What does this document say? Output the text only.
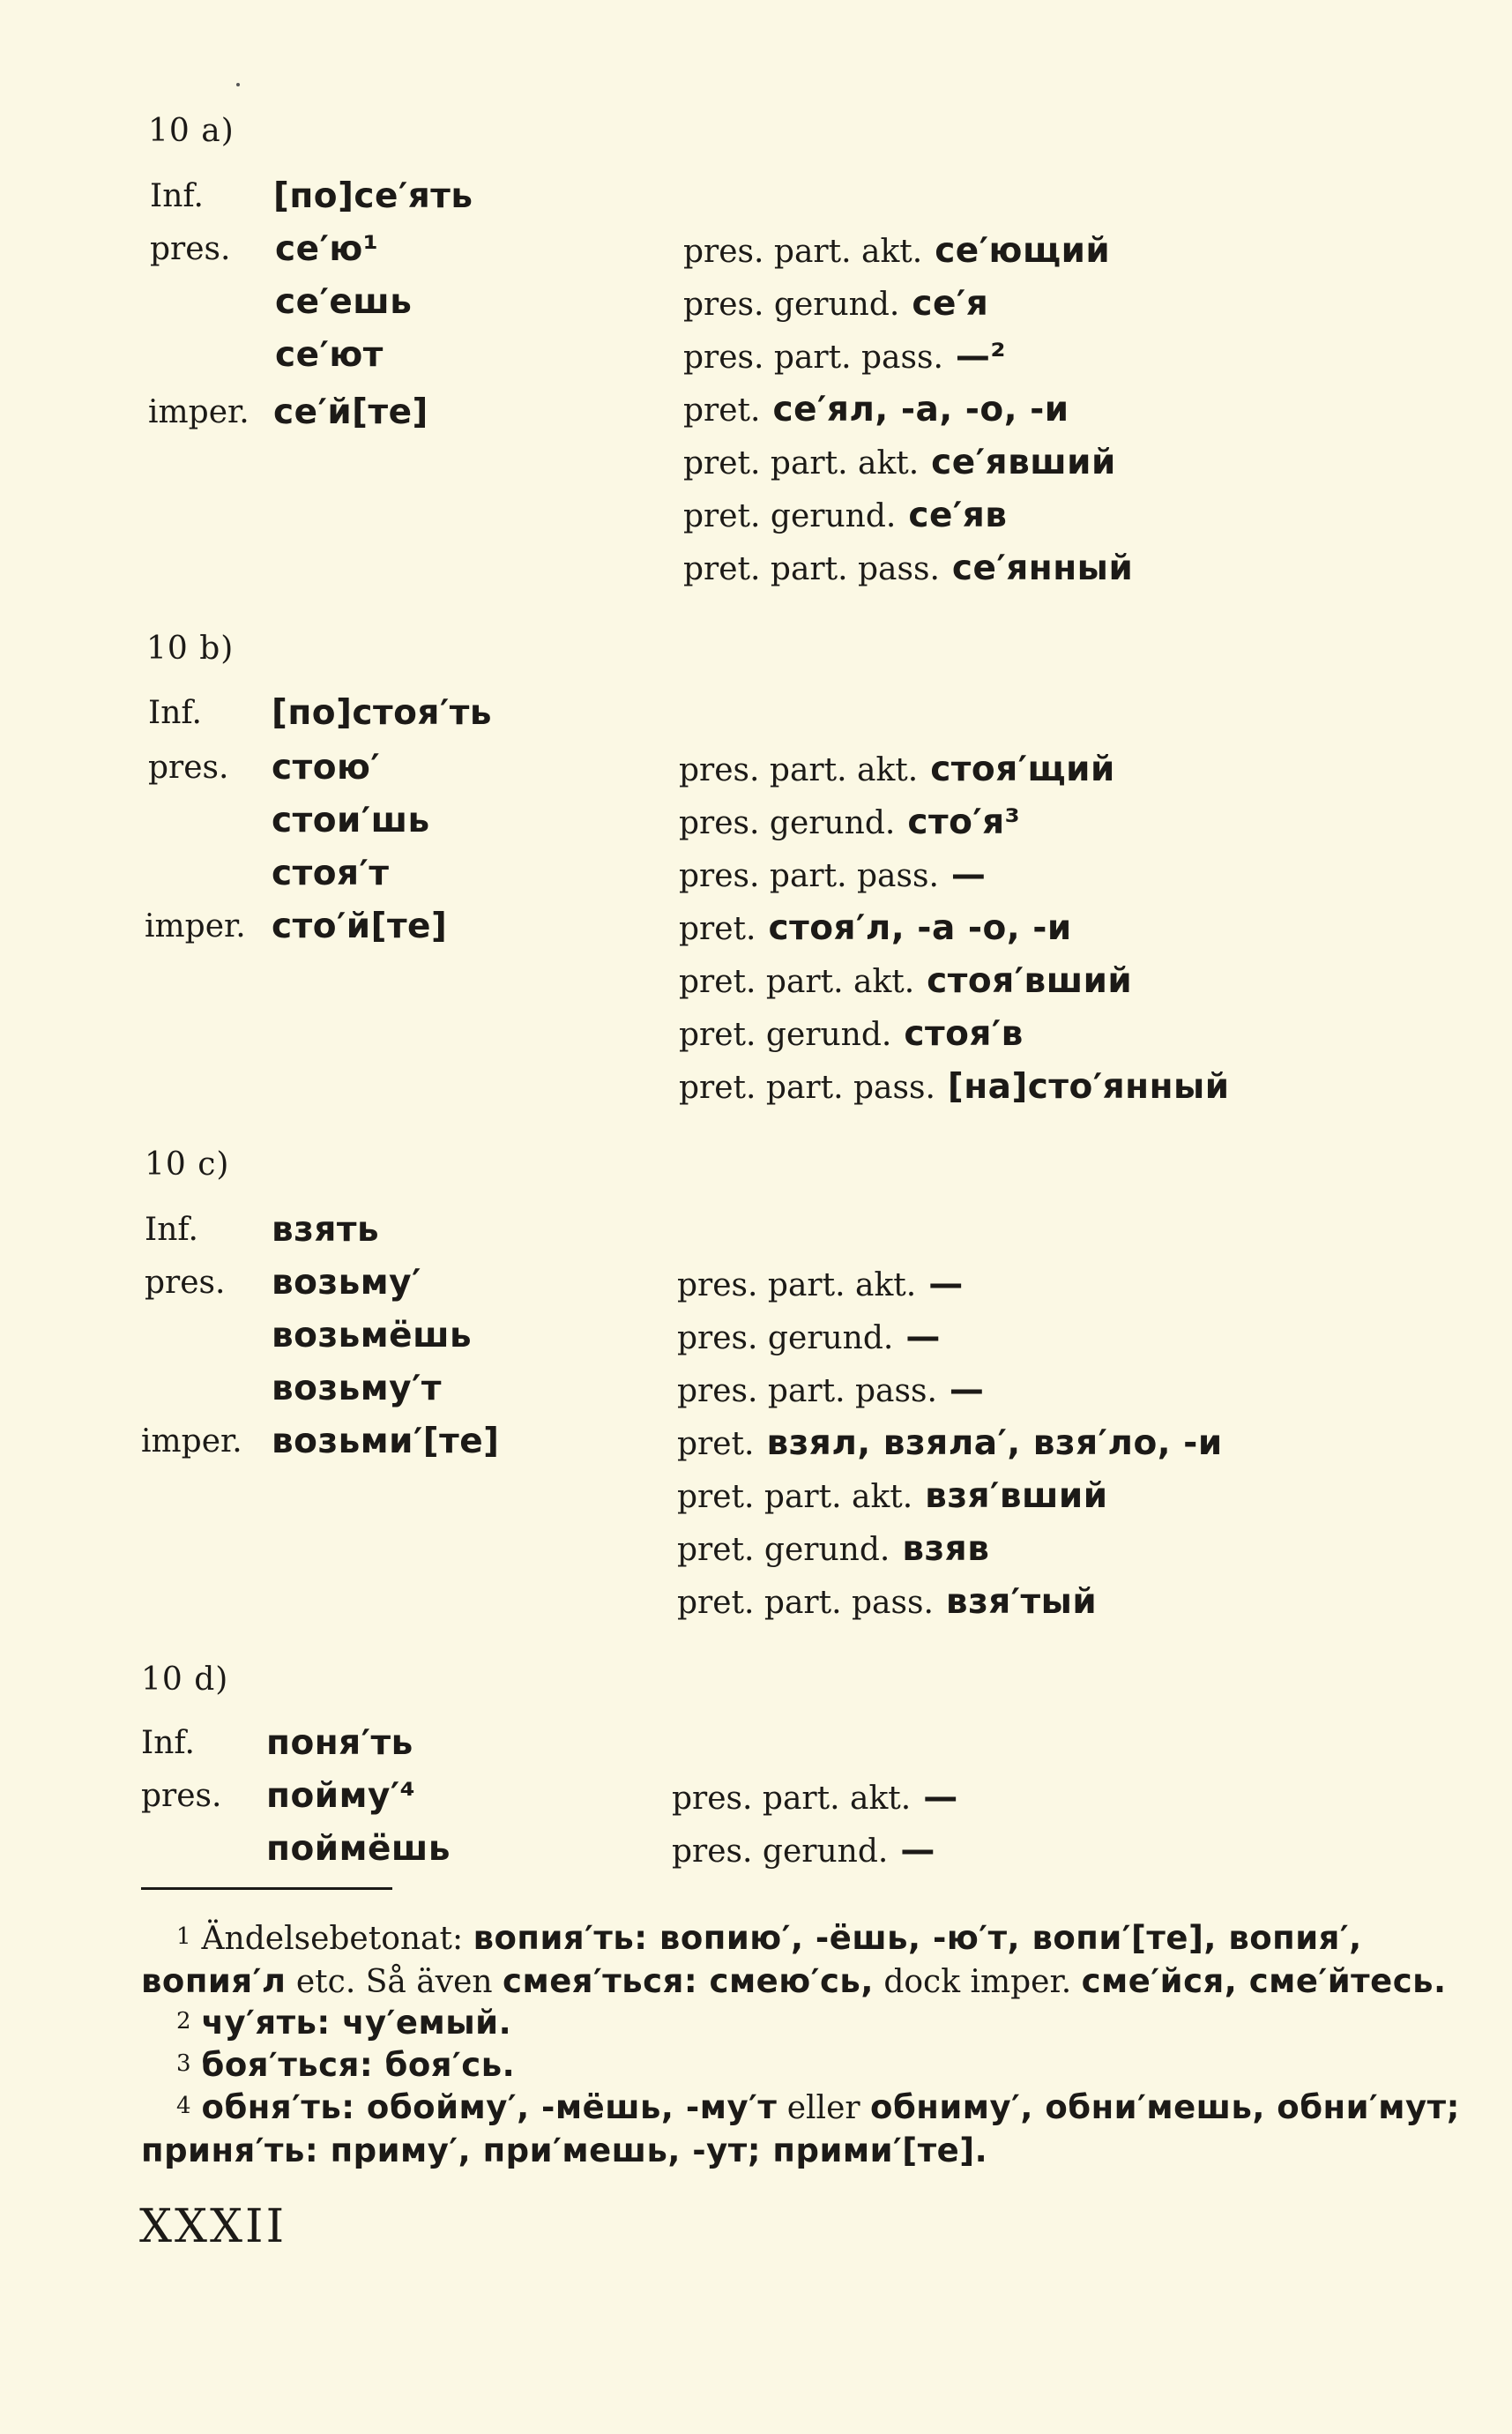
10 a)
Inf. [по]се′ять
pres. се′ю¹
се′ешь
се′ют
imper. се′й[те]
pres. part. akt. се′ющий
pres. gerund. се′я
pres. part. pass. —²
pret. се′ял, -а, -о, -и
pret. part. akt. се′явший
pret. gerund. се′яв
pret. part. pass. се′янный
10 b)
Inf. [по]стоя′ть
pres. стою′
стои′шь
стоя′т
imper. сто′й[те]
pres. part. akt. стоя′щий
pres. gerund. сто′я³
pres. part. pass. —
pret. стоя′л, -а -о, -и
pret. part. akt. стоя′вший
pret. gerund. стоя′в
pret. part. pass. [на]сто′янный
10 c)
Inf. взять
pres. возьму′
возьмёшь
возьму′т
imper. возьми′[те]
pres. part. akt. —
pres. gerund. —
pres. part. pass. —
pret. взял, взяла′, взя′ло, -и
pret. part. akt. взя′вший
pret. gerund. взяв
pret. part. pass. взя′тый
10 d)
Inf. поня′ть
pres. пойму′⁴
поймёшь
pres. part. akt. —
pres. gerund. —
1 Ändelsebetonat: вопия′ть: вопию′, -ёшь, -ю′т, вопи′[те], вопия′, вопия′л etc. Så även смея′ться: смею′сь, dock imper. сме′йся, сме′йтесь.
2 чу′ять: чу′емый.
3 боя′ться: боя′сь.
4 обня′ть: обойму′, -мёшь, -му′т eller обниму′, обни′мешь, обни′мут; приня′ть: приму′, при′мешь, -ут; прими′[те].
XXXII
